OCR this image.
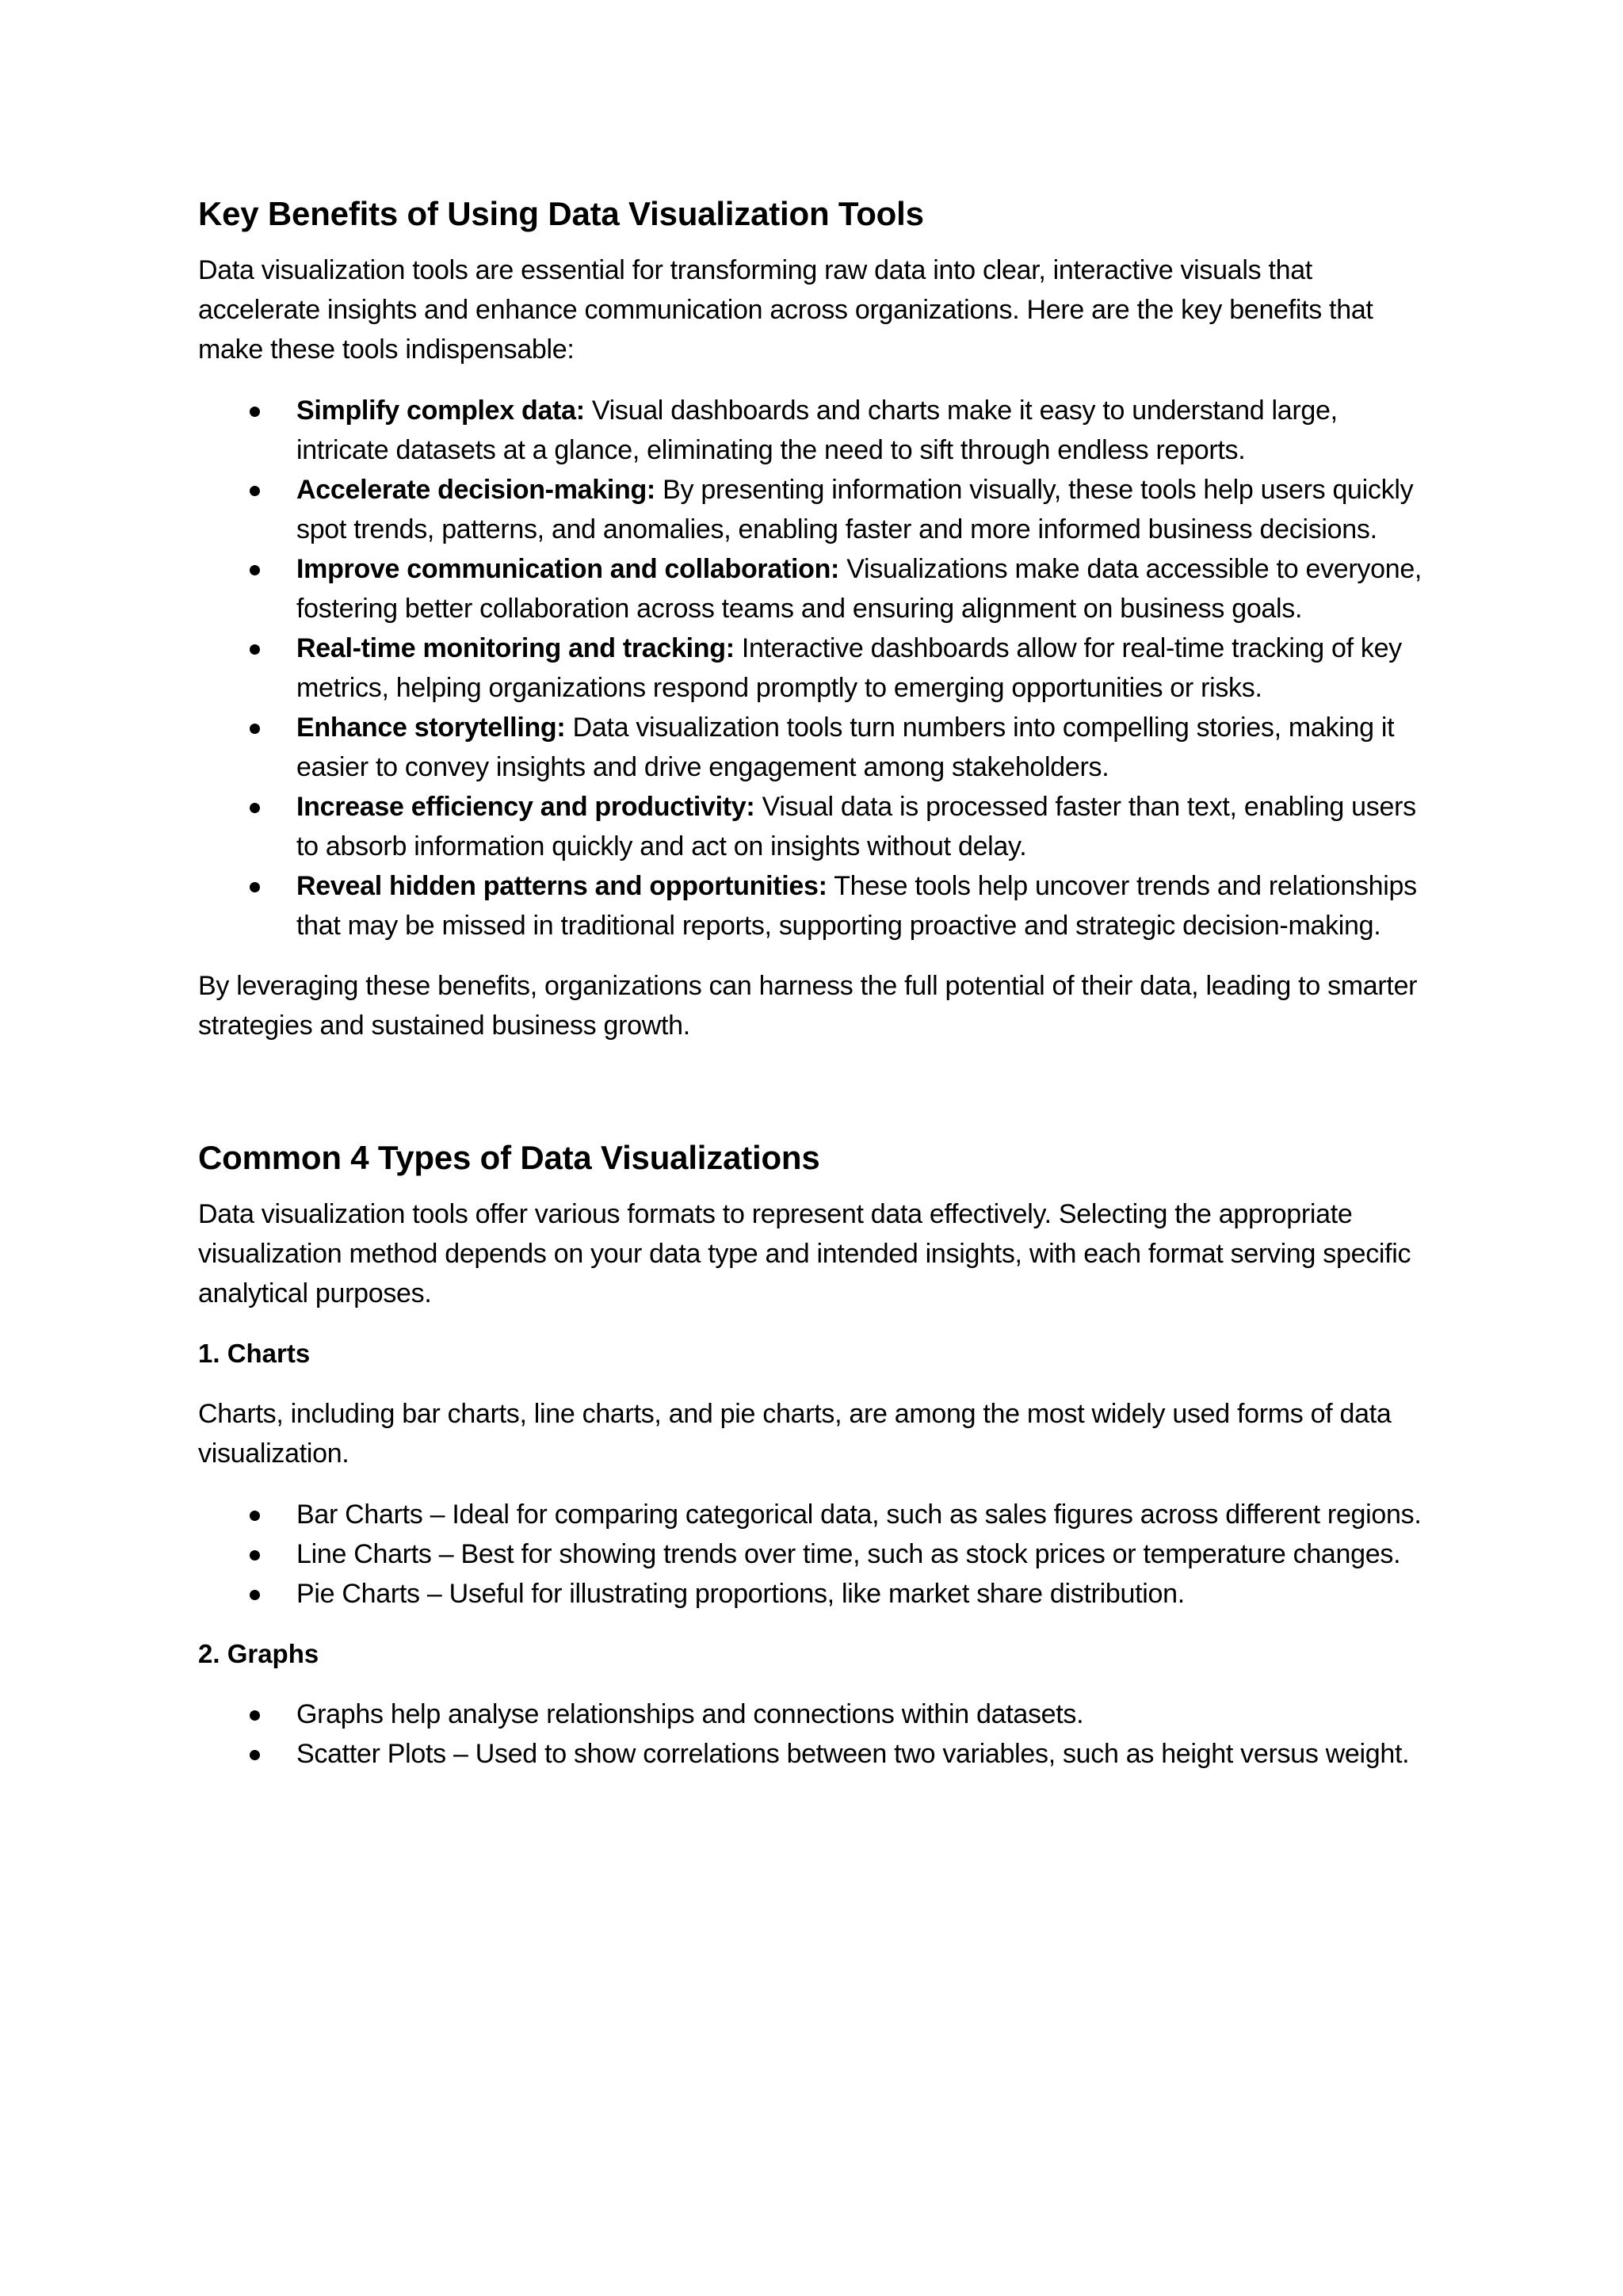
Key Benefits of Using Data Visualization Tools

Data visualization tools are essential for transforming raw data into clear, interactive visuals that accelerate insights and enhance communication across organizations. Here are the key benefits that make these tools indispensable:

Simplify complex data: Visual dashboards and charts make it easy to understand large, intricate datasets at a glance, eliminating the need to sift through endless reports.
Accelerate decision-making: By presenting information visually, these tools help users quickly spot trends, patterns, and anomalies, enabling faster and more informed business decisions.
Improve communication and collaboration: Visualizations make data accessible to everyone, fostering better collaboration across teams and ensuring alignment on business goals.
Real-time monitoring and tracking: Interactive dashboards allow for real-time tracking of key metrics, helping organizations respond promptly to emerging opportunities or risks.
Enhance storytelling: Data visualization tools turn numbers into compelling stories, making it easier to convey insights and drive engagement among stakeholders.
Increase efficiency and productivity: Visual data is processed faster than text, enabling users to absorb information quickly and act on insights without delay.
Reveal hidden patterns and opportunities: These tools help uncover trends and relationships that may be missed in traditional reports, supporting proactive and strategic decision-making.

By leveraging these benefits, organizations can harness the full potential of their data, leading to smarter strategies and sustained business growth.

Common 4 Types of Data Visualizations

Data visualization tools offer various formats to represent data effectively. Selecting the appropriate visualization method depends on your data type and intended insights, with each format serving specific analytical purposes.

1. Charts

Charts, including bar charts, line charts, and pie charts, are among the most widely used forms of data visualization.

Bar Charts – Ideal for comparing categorical data, such as sales figures across different regions.
Line Charts – Best for showing trends over time, such as stock prices or temperature changes.
Pie Charts – Useful for illustrating proportions, like market share distribution.
2. Graphs
Graphs help analyse relationships and connections within datasets.
Scatter Plots – Used to show correlations between two variables, such as height versus weight.
